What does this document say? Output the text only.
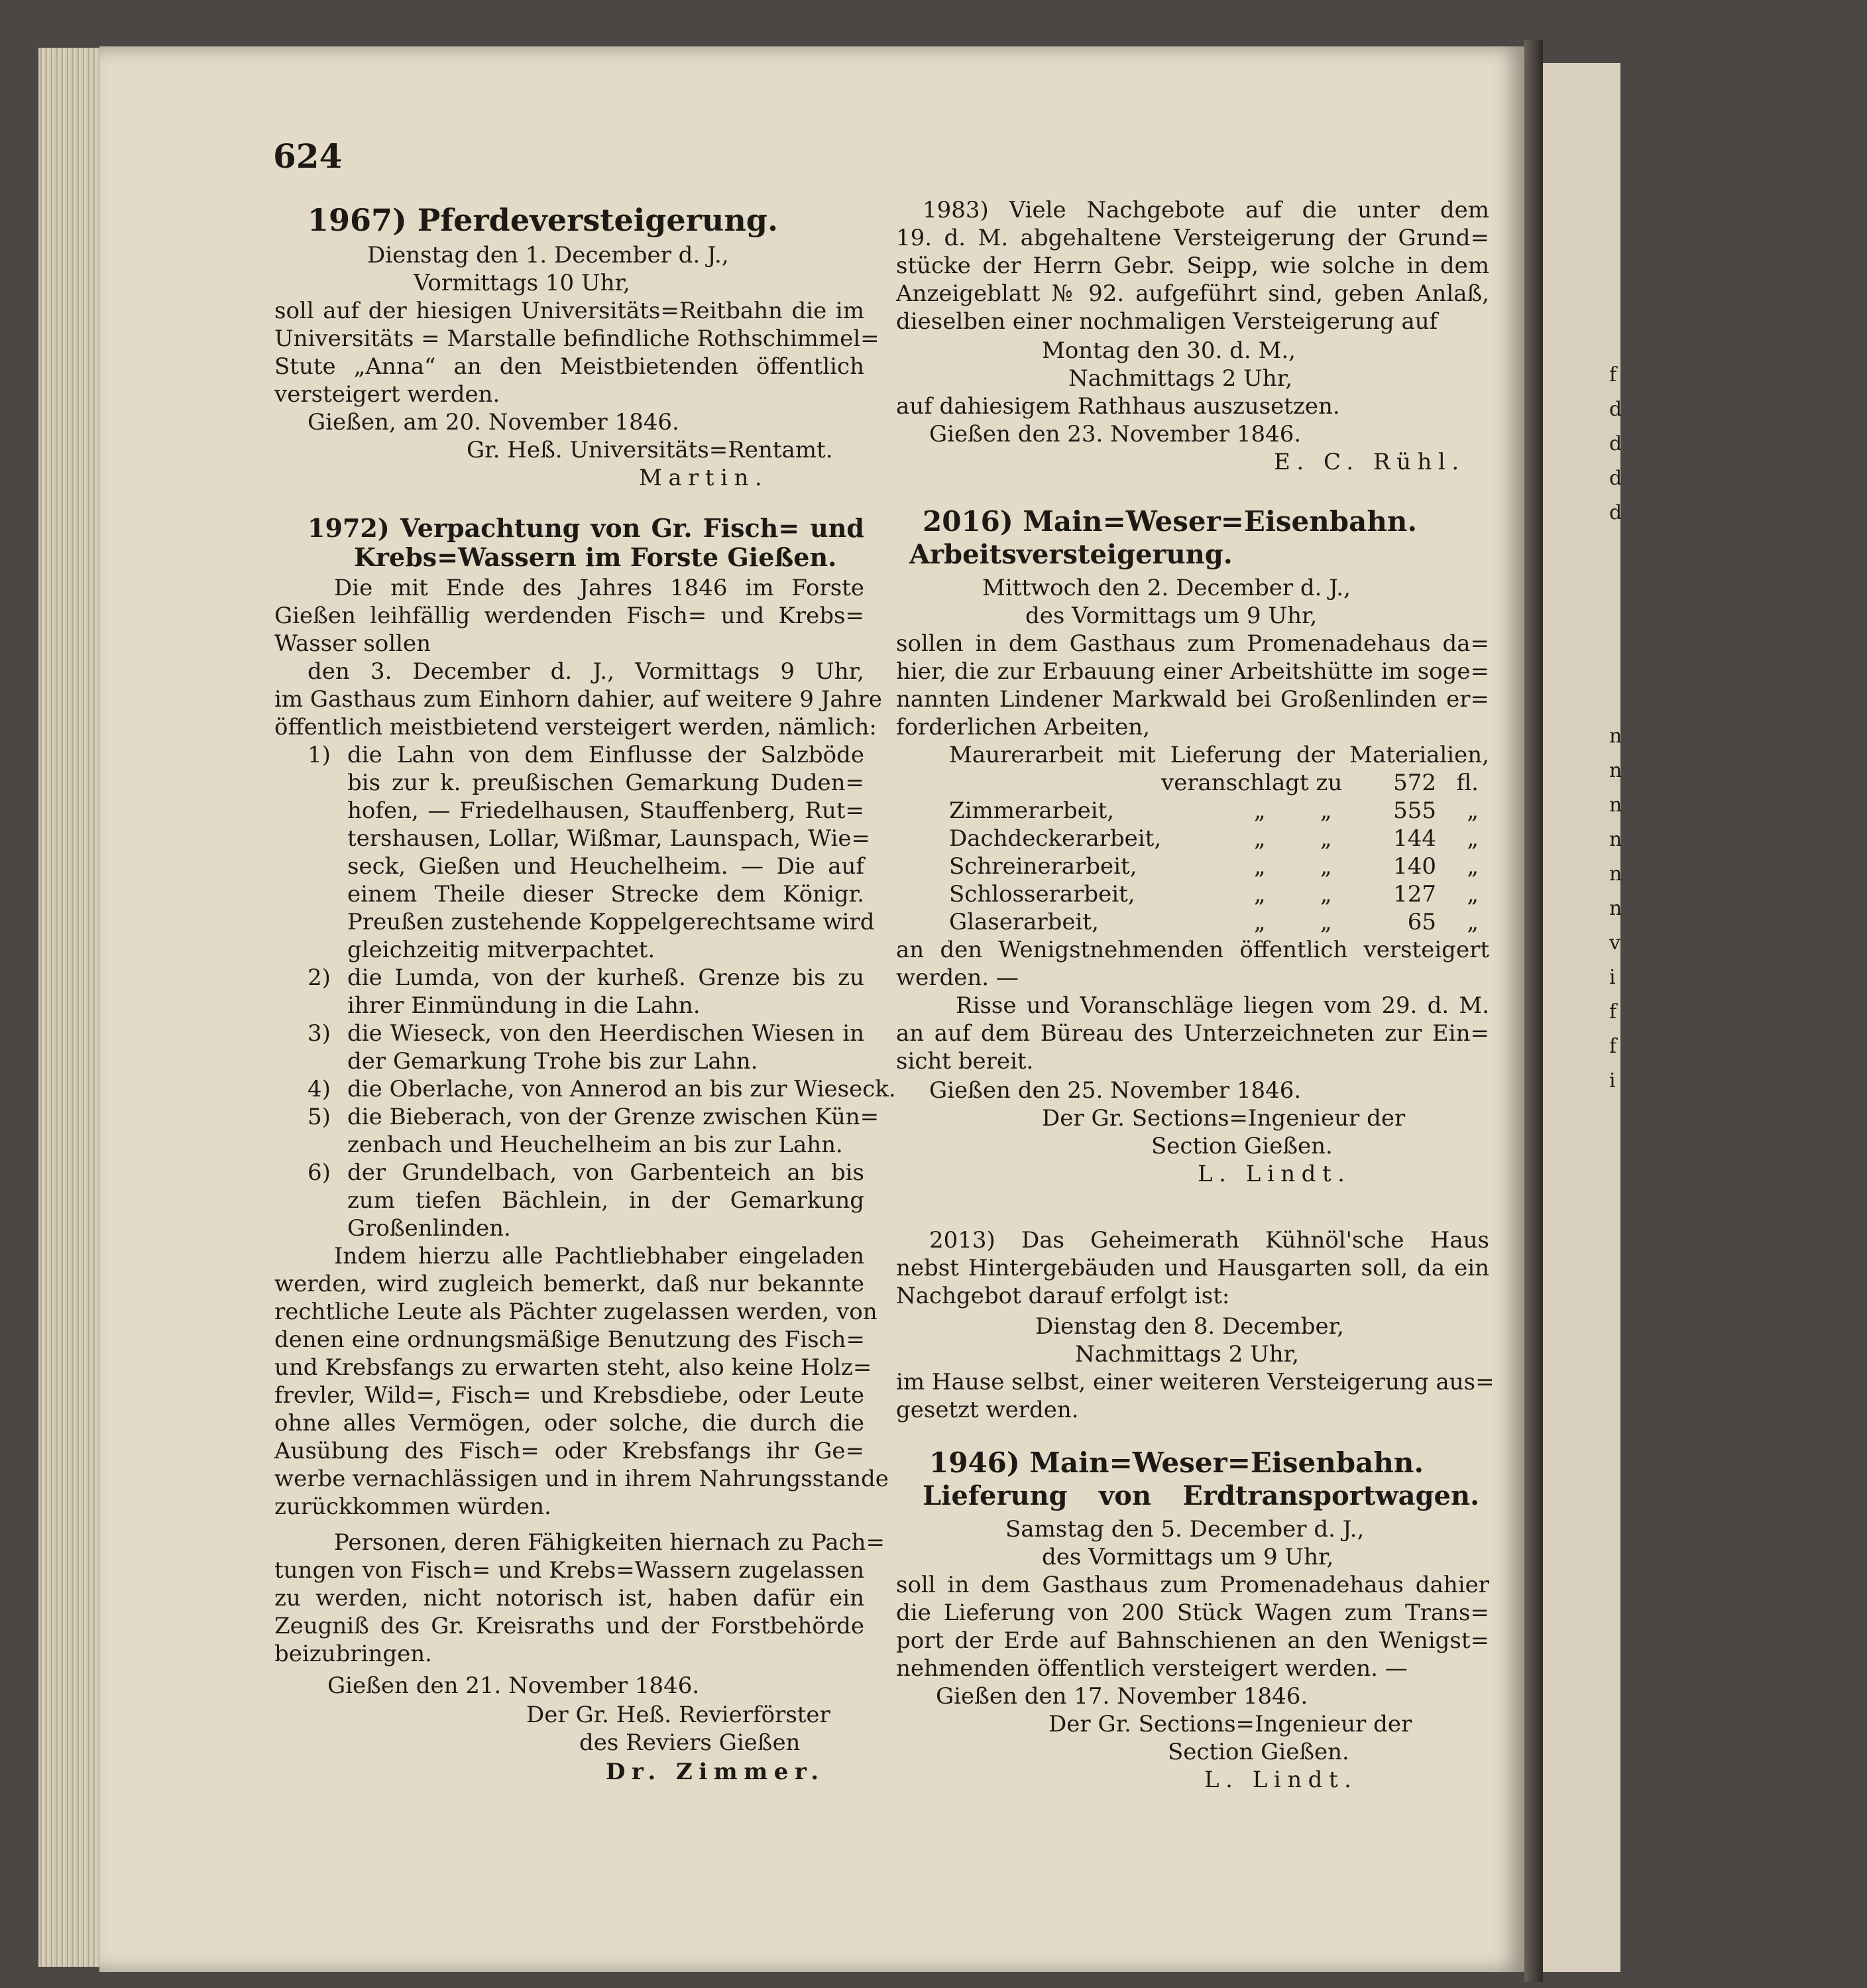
f
d
d
d
d
n
n
n
n
n
n
v
i
f
f
i
624
1967) Pferdeversteigerung.
Dienstag den 1. December d. J.,
Vormittags 10 Uhr,
soll auf der hiesigen Universitäts=Reitbahn die im
Universitäts = Marstalle befindliche Rothschimmel=
Stute „Anna“ an den Meistbietenden öffentlich
versteigert werden.
Gießen, am 20. November 1846.
Gr. Heß. Universitäts=Rentamt.
Martin.
1972) Verpachtung von Gr. Fisch= und
Krebs=Wassern im Forste Gießen.
Die mit Ende des Jahres 1846 im Forste
Gießen leihfällig werdenden Fisch= und Krebs=
Wasser sollen
den 3. December d. J., Vormittags 9 Uhr,
im Gasthaus zum Einhorn dahier, auf weitere 9 Jahre
öffentlich meistbietend versteigert werden, nämlich:
1) die Lahn von dem Einflusse der Salzbödе
bis zur k. preußischen Gemarkung Duden=
hofen, — Friedelhausen, Stauffenberg, Rut=
tershausen, Lollar, Wißmar, Launspach, Wie=
seck, Gießen und Heuchelheim. — Die auf
einem Theile dieser Strecke dem Königr.
Preußen zustehende Koppelgerechtsame wird
gleichzeitig mitverpachtet.
2) die Lumda, von der kurheß. Grenze bis zu
ihrer Einmündung in die Lahn.
3) die Wieseck, von den Heerdischen Wiesen in
der Gemarkung Trohe bis zur Lahn.
4) die Oberlache, von Annerod an bis zur Wieseck.
5) die Bieberach, von der Grenze zwischen Kün=
zenbach und Heuchelheim an bis zur Lahn.
6) der Grundelbach, von Garbenteich an bis
zum tiefen Bächlein, in der Gemarkung
Großenlinden.
Indem hierzu alle Pachtliebhaber eingeladen
werden, wird zugleich bemerkt, daß nur bekannte
rechtliche Leute als Pächter zugelassen werden, von
denen eine ordnungsmäßige Benutzung des Fisch=
und Krebsfangs zu erwarten steht, also keine Holz=
frevler, Wild=, Fisch= und Krebsdiebe, oder Leute
ohne alles Vermögen, oder solche, die durch die
Ausübung des Fisch= oder Krebsfangs ihr Ge=
werbe vernachlässigen und in ihrem Nahrungsstande
zurückkommen würden.
Personen, deren Fähigkeiten hiernach zu Pach=
tungen von Fisch= und Krebs=Wassern zugelassen
zu werden, nicht notorisch ist, haben dafür ein
Zeugniß des Gr. Kreisraths und der Forstbehörde
beizubringen.
Gießen den 21. November 1846.
Der Gr. Heß. Revierförster
des Reviers Gießen
Dr. Zimmer.
1983) Viele Nachgebote auf die unter dem
19. d. M. abgehaltene Versteigerung der Grund=
stücke der Herrn Gebr. Seipp, wie solche in dem
Anzeigeblatt № 92. aufgeführt sind, geben Anlaß,
dieselben einer nochmaligen Versteigerung auf
Montag den 30. d. M.,
Nachmittags 2 Uhr,
auf dahiesigem Rathhaus auszusetzen.
Gießen den 23. November 1846.
E. C. Rühl.
2016) Main=Weser=Eisenbahn.
Arbeitsversteigerung.
Mittwoch den 2. December d. J.,
des Vormittags um 9 Uhr,
sollen in dem Gasthaus zum Promenadehaus da=
hier, die zur Erbauung einer Arbeitshütte im soge=
nannten Lindener Markwald bei Großenlinden er=
forderlichen Arbeiten,
Maurerarbeit mit Lieferung der Materialien,
veranschlagt zu 572 fl.
Zimmerarbeit,	„ „	555 „
Dachdeckerarbeit,	„ „	144 „
Schreinerarbeit,	„ „	140 „
Schlosserarbeit,	„ „	127 „
Glaserarbeit,	„ „	65 „
an den Wenigstnehmenden öffentlich versteigert
werden. —
Risse und Voranschläge liegen vom 29. d. M.
an auf dem Büreau des Unterzeichneten zur Ein=
sicht bereit.
Gießen den 25. November 1846.
Der Gr. Sections=Ingenieur der
Section Gießen.
L. Lindt.
2013) Das Geheimerath Kühnöl'sche Haus
nebst Hintergebäuden und Hausgarten soll, da ein
Nachgebot darauf erfolgt ist:
Dienstag den 8. December,
Nachmittags 2 Uhr,
im Hause selbst, einer weiteren Versteigerung aus=
gesetzt werden.
1946) Main=Weser=Eisenbahn.
Lieferung von Erdtransportwagen.
Samstag den 5. December d. J.,
des Vormittags um 9 Uhr,
soll in dem Gasthaus zum Promenadehaus dahier
die Lieferung von 200 Stück Wagen zum Trans=
port der Erde auf Bahnschienen an den Wenigst=
nehmenden öffentlich versteigert werden. —
Gießen den 17. November 1846.
Der Gr. Sections=Ingenieur der
Section Gießen.
L. Lindt.
